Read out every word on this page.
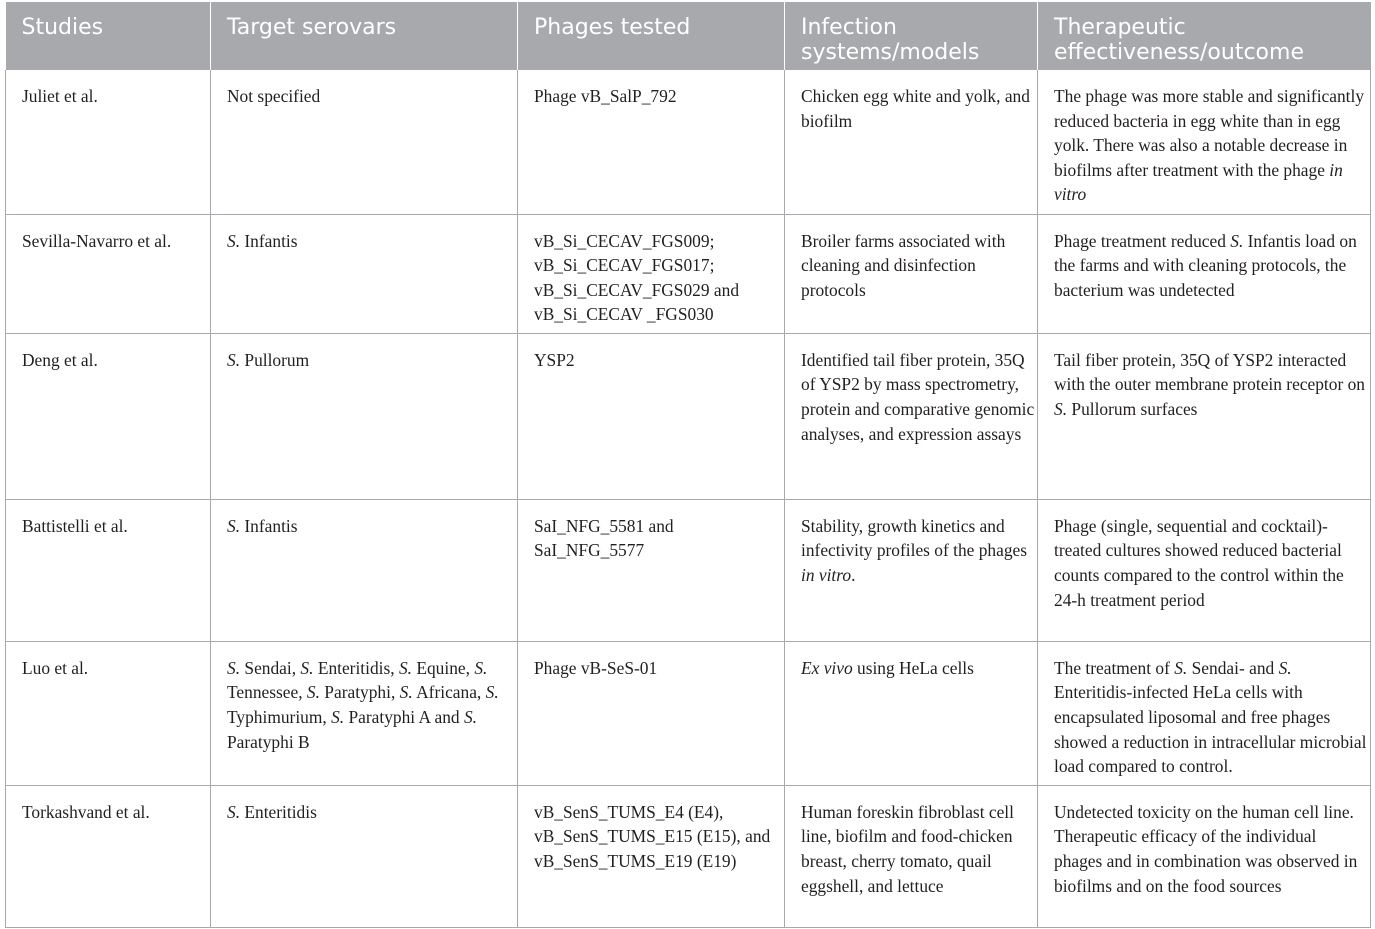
Studies	Target serovars	Phages tested	Infection systems/models	Therapeutic effectiveness/outcome
Juliet et al.	Not specified	Phage vB_SalP_792	Chicken egg white and yolk, and biofilm	The phage was more stable and significantly reduced bacteria in egg white than in egg yolk. There was also a notable decrease in biofilms after treatment with the phage in vitro
Sevilla-Navarro et al.	S. Infantis	vB_Si_CECAV_FGS009; vB_Si_CECAV_FGS017; vB_Si_CECAV_FGS029 and vB_Si_CECAV _FGS030	Broiler farms associated with cleaning and disinfection protocols	Phage treatment reduced S. Infantis load on the farms and with cleaning protocols, the bacterium was undetected
Deng et al.	S. Pullorum	YSP2	Identified tail fiber protein, 35Q of YSP2 by mass spectrometry, protein and comparative genomic analyses, and expression assays	Tail fiber protein, 35Q of YSP2 interacted with the outer membrane protein receptor on S. Pullorum surfaces
Battistelli et al.	S. Infantis	SaI_NFG_5581 and SaI_NFG_5577	Stability, growth kinetics and infectivity profiles of the phages in vitro.	Phage (single, sequential and cocktail)-treated cultures showed reduced bacterial counts compared to the control within the 24-h treatment period
Luo et al.	S. Sendai, S. Enteritidis, S. Equine, S. Tennessee, S. Paratyphi, S. Africana, S. Typhimurium, S. Paratyphi A and S. Paratyphi B	Phage vB-SeS-01	Ex vivo using HeLa cells	The treatment of S. Sendai- and S. Enteritidis-infected HeLa cells with encapsulated liposomal and free phages showed a reduction in intracellular microbial load compared to control.
Torkashvand et al.	S. Enteritidis	vB_SenS_TUMS_E4 (E4), vB_SenS_TUMS_E15 (E15), and vB_SenS_TUMS_E19 (E19)	Human foreskin fibroblast cell line, biofilm and food-chicken breast, cherry tomato, quail eggshell, and lettuce	Undetected toxicity on the human cell line. Therapeutic efficacy of the individual phages and in combination was observed in biofilms and on the food sources
